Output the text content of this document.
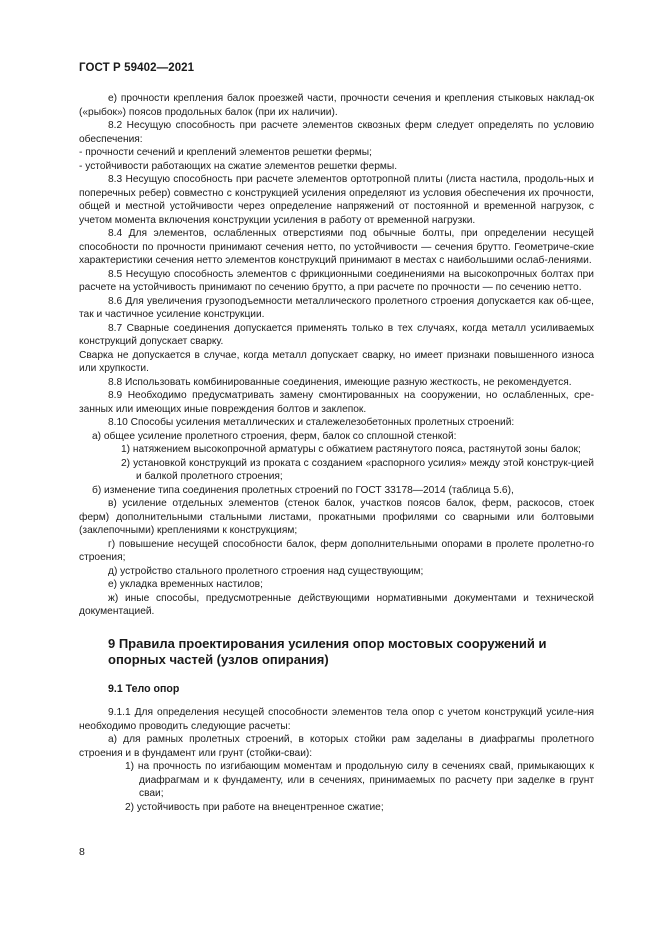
ГОСТ Р 59402—2021

е) прочности крепления балок проезжей части, прочности сечения и крепления стыковых наклад-ок («рыбок») поясов продольных балок (при их наличии).

8.2 Несущую способность при расчете элементов сквозных ферм следует определять по условию обеспечения:

- прочности сечений и креплений элементов решетки фермы;

- устойчивости работающих на сжатие элементов решетки фермы.

8.3 Несущую способность при расчете элементов ортотропной плиты (листа настила, продоль-ных и поперечных ребер) совместно с конструкцией усиления определяют из условия обеспечения их прочности, общей и местной устойчивости через определение напряжений от постоянной и временной нагрузок, с учетом момента включения конструкции усиления в работу от временной нагрузки.

8.4 Для элементов, ослабленных отверстиями под обычные болты, при определении несущей способности по прочности принимают сечения нетто, по устойчивости — сечения брутто. Геометриче-ские характеристики сечения нетто элементов конструкций принимают в местах с наибольшими ослаб-лениями.

8.5 Несущую способность элементов с фрикционными соединениями на высокопрочных болтах при расчете на устойчивость принимают по сечению брутто, а при расчете по прочности — по сечению нетто.

8.6 Для увеличения грузоподъемности металлического пролетного строения допускается как об-щее, так и частичное усиление конструкции.

8.7 Сварные соединения допускается применять только в тех случаях, когда металл усиливаемых конструкций допускает сварку.

Сварка не допускается в случае, когда металл допускает сварку, но имеет признаки повышенного износа или хрупкости.

8.8 Использовать комбинированные соединения, имеющие разную жесткость, не рекомендуется.

8.9 Необходимо предусматривать замену смонтированных на сооружении, но ослабленных, сре-занных или имеющих иные повреждения болтов и заклепок.

8.10 Способы усиления металлических и сталежелезобетонных пролетных строений:

а) общее усиление пролетного строения, ферм, балок со сплошной стенкой:

1) натяжением высокопрочной арматуры с обжатием растянутого пояса, растянутой зоны балок;

2) установкой конструкций из проката с созданием «распорного усилия» между этой конструк-цией и балкой пролетного строения;

б) изменение типа соединения пролетных строений по ГОСТ 33178—2014 (таблица 5.6),

в) усиление отдельных элементов (стенок балок, участков поясов балок, ферм, раскосов, стоек ферм) дополнительными стальными листами, прокатными профилями со сварными или болтовыми (заклепочными) креплениями к конструкциям;

г) повышение несущей способности балок, ферм дополнительными опорами в пролете пролетно-го строения;

д) устройство стального пролетного строения над существующим;

е) укладка временных настилов;

ж) иные способы, предусмотренные действующими нормативными документами и технической документацией.

9 Правила проектирования усиления опор мостовых сооружений и опорных частей (узлов опирания)
9.1 Тело опор

9.1.1 Для определения несущей способности элементов тела опор с учетом конструкций усиле-ния необходимо проводить следующие расчеты:

а) для рамных пролетных строений, в которых стойки рам заделаны в диафрагмы пролетного строения и в фундамент или грунт (стойки-сваи):

1) на прочность по изгибающим моментам и продольную силу в сечениях свай, примыкающих к диафрагмам и к фундаменту, или в сечениях, принимаемых по расчету при заделке в грунт сваи;

2) устойчивость при работе на внецентренное сжатие;

8
